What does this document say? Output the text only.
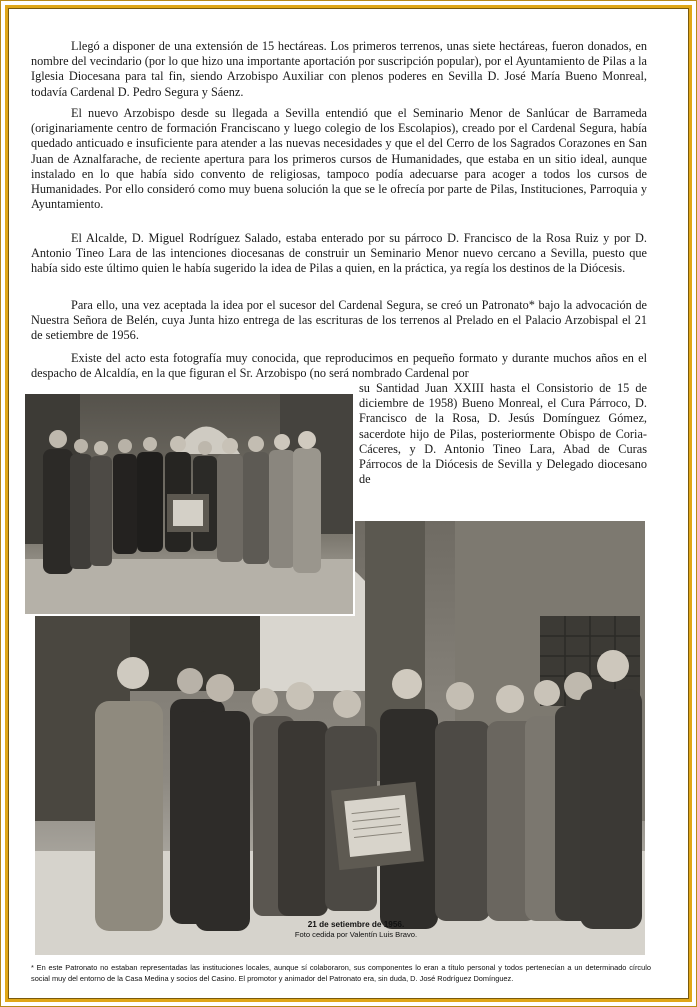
Llegó a disponer de una extensión de 15 hectáreas. Los primeros terrenos, unas siete hectáreas, fueron donados, en nombre del vecindario (por lo que hizo una importante aportación por suscripción popular), por el Ayuntamiento de Pilas a la Iglesia Diocesana para tal fin, siendo Arzobispo Auxiliar con plenos poderes en Sevilla D. José María Bueno Monreal, todavía Cardenal D. Pedro Segura y Sáenz.

El nuevo Arzobispo desde su llegada a Sevilla entendió que el Seminario Menor de Sanlúcar de Barrameda (originariamente centro de formación Franciscano y luego colegio de los Escolapios), creado por el Cardenal Segura, había quedado anticuado e insuficiente para atender a las nuevas necesidades y que el del Cerro de los Sagrados Corazones en San Juan de Aznalfarache, de reciente apertura para los primeros cursos de Humanidades, que estaba en un sitio ideal, aunque instalado en lo que había sido convento de religiosas, tampoco podía adecuarse para acoger a todos los cursos de Humanidades. Por ello consideró como muy buena solución la que se le ofrecía por parte de Pilas, Instituciones, Parroquia y Ayuntamiento.

El Alcalde, D. Miguel Rodríguez Salado, estaba enterado por su párroco D. Francisco de la Rosa Ruiz y por D. Antonio Tineo Lara de las intenciones diocesanas de construir un Seminario Menor nuevo cercano a Sevilla, puesto que había sido este último quien le había sugerido la idea de Pilas a quien, en la práctica, ya regía los destinos de la Diócesis.

Para ello, una vez aceptada la idea por el sucesor del Cardenal Segura, se creó un Patronato* bajo la advocación de Nuestra Señora de Belén, cuya Junta hizo entrega de las escrituras de los terrenos al Prelado en el Palacio Arzobispal el 21 de setiembre de 1956.

Existe del acto esta fotografía muy conocida, que reproducimos en pequeño formato y durante muchos años en el despacho de Alcaldía, en la que figuran el Sr. Arzobispo (no será nombrado Cardenal por

su Santidad Juan XXIII hasta el Consistorio de 15 de diciembre de 1958) Bueno Monreal, el Cura Párroco, D. Francisco de la Rosa, D. Jesús Domínguez Gómez, sacerdote hijo de Pilas, posteriormente Obispo de Coria-Cáceres, y D. Antonio Tineo Lara, Abad de Curas Párrocos de la Diócesis de Sevilla y Delegado diocesano de

21 de setiembre de 1956.
Foto cedida por Valentín Luis Bravo.

* En este Patronato no estaban representadas las instituciones locales, aunque sí colaboraron, sus componentes lo eran a título personal y todos pertenecían a un determinado círculo social muy del entorno de la Casa Medina y socios del Casino. El promotor y animador del Patronato era, sin duda, D. José Rodríguez Domínguez.
